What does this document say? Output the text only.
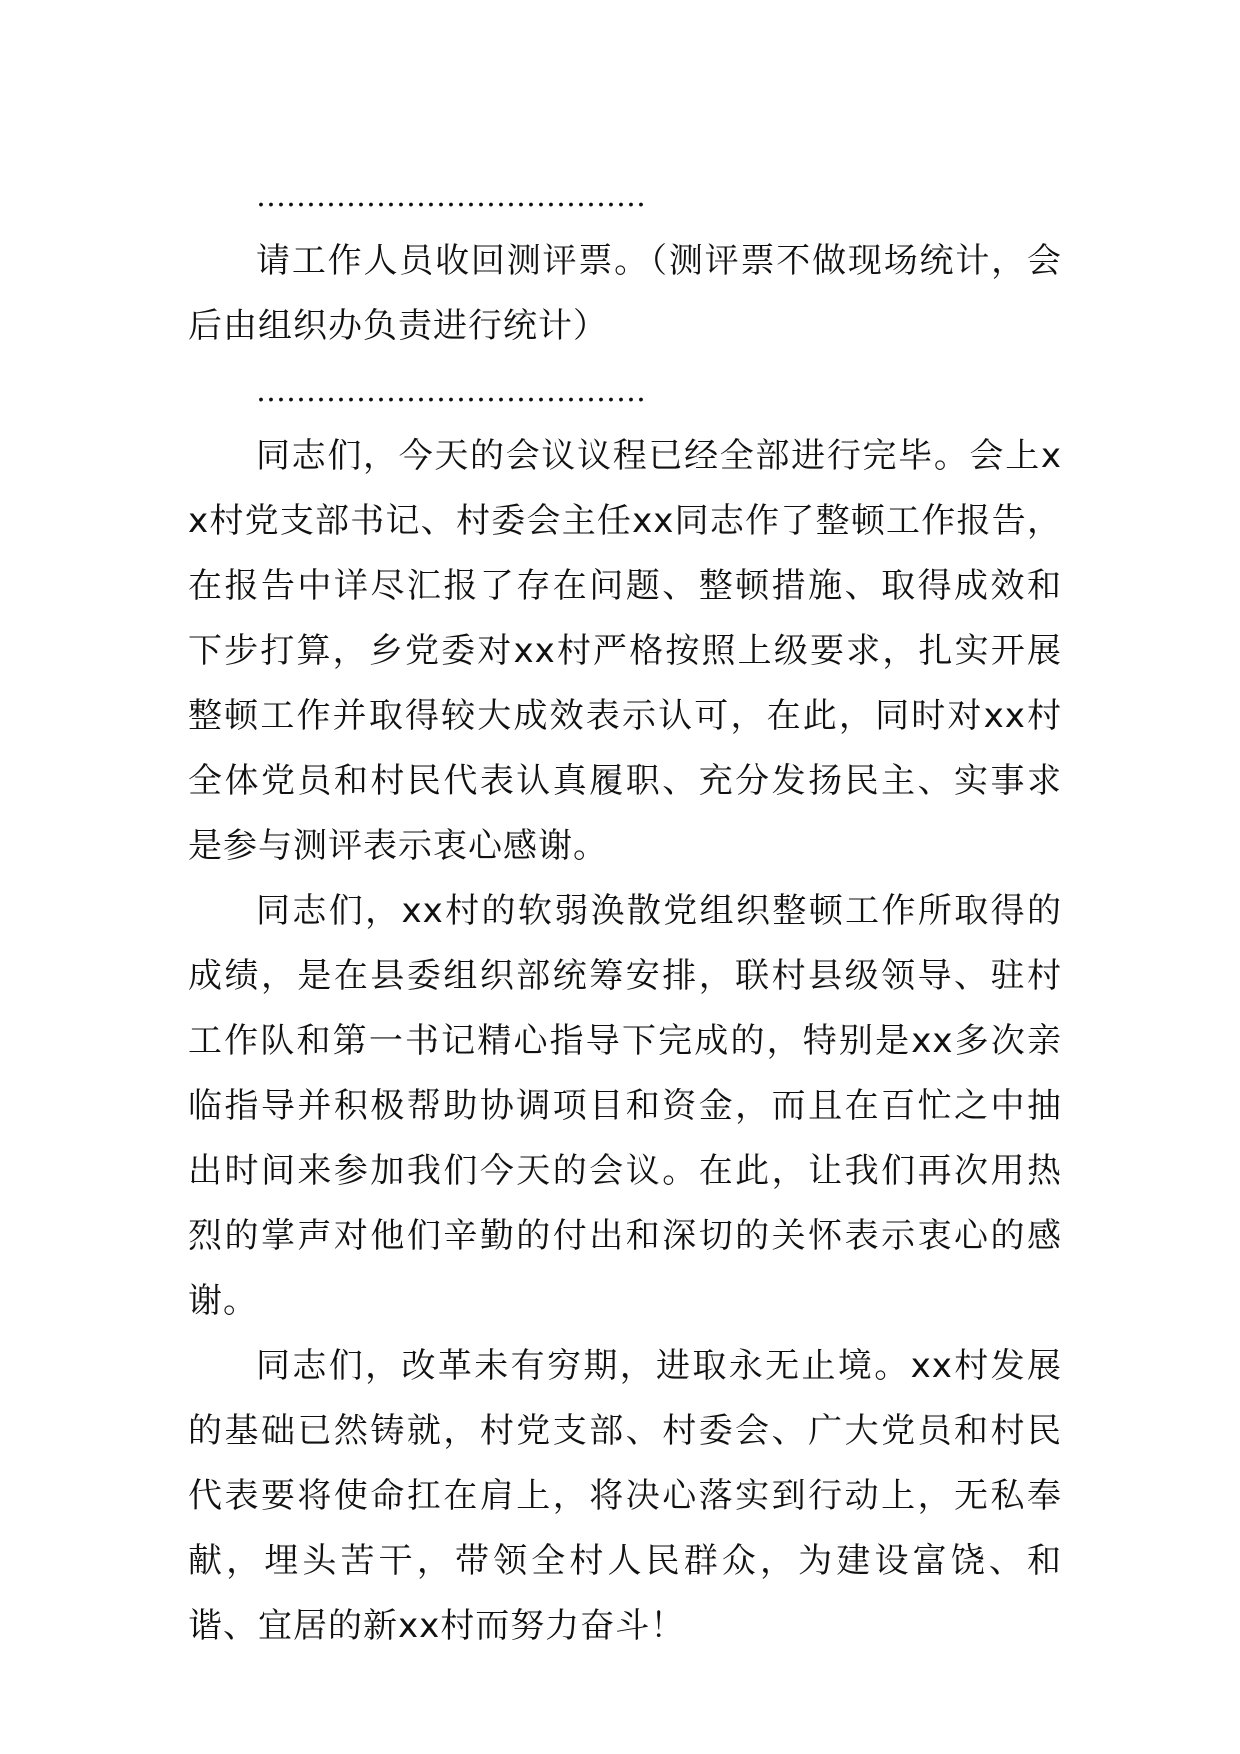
…………………………………

请工作人员收回测评票。（测评票不做现场统计，会后由组织办负责进行统计）

…………………………………

同志们，今天的会议议程已经全部进行完毕。会上xx村党支部书记、村委会主任xx同志作了整顿工作报告，在报告中详尽汇报了存在问题、整顿措施、取得成效和下步打算，乡党委对xx村严格按照上级要求，扎实开展整顿工作并取得较大成效表示认可，在此，同时对xx村全体党员和村民代表认真履职、充分发扬民主、实事求是参与测评表示衷心感谢。

同志们，xx村的软弱涣散党组织整顿工作所取得的成绩，是在县委组织部统筹安排，联村县级领导、驻村工作队和第一书记精心指导下完成的，特别是xx多次亲临指导并积极帮助协调项目和资金，而且在百忙之中抽出时间来参加我们今天的会议。在此，让我们再次用热烈的掌声对他们辛勤的付出和深切的关怀表示衷心的感谢。

同志们，改革未有穷期，进取永无止境。xx村发展的基础已然铸就，村党支部、村委会、广大党员和村民代表要将使命扛在肩上，将决心落实到行动上，无私奉献，埋头苦干，带领全村人民群众，为建设富饶、和谐、宜居的新xx村而努力奋斗！
